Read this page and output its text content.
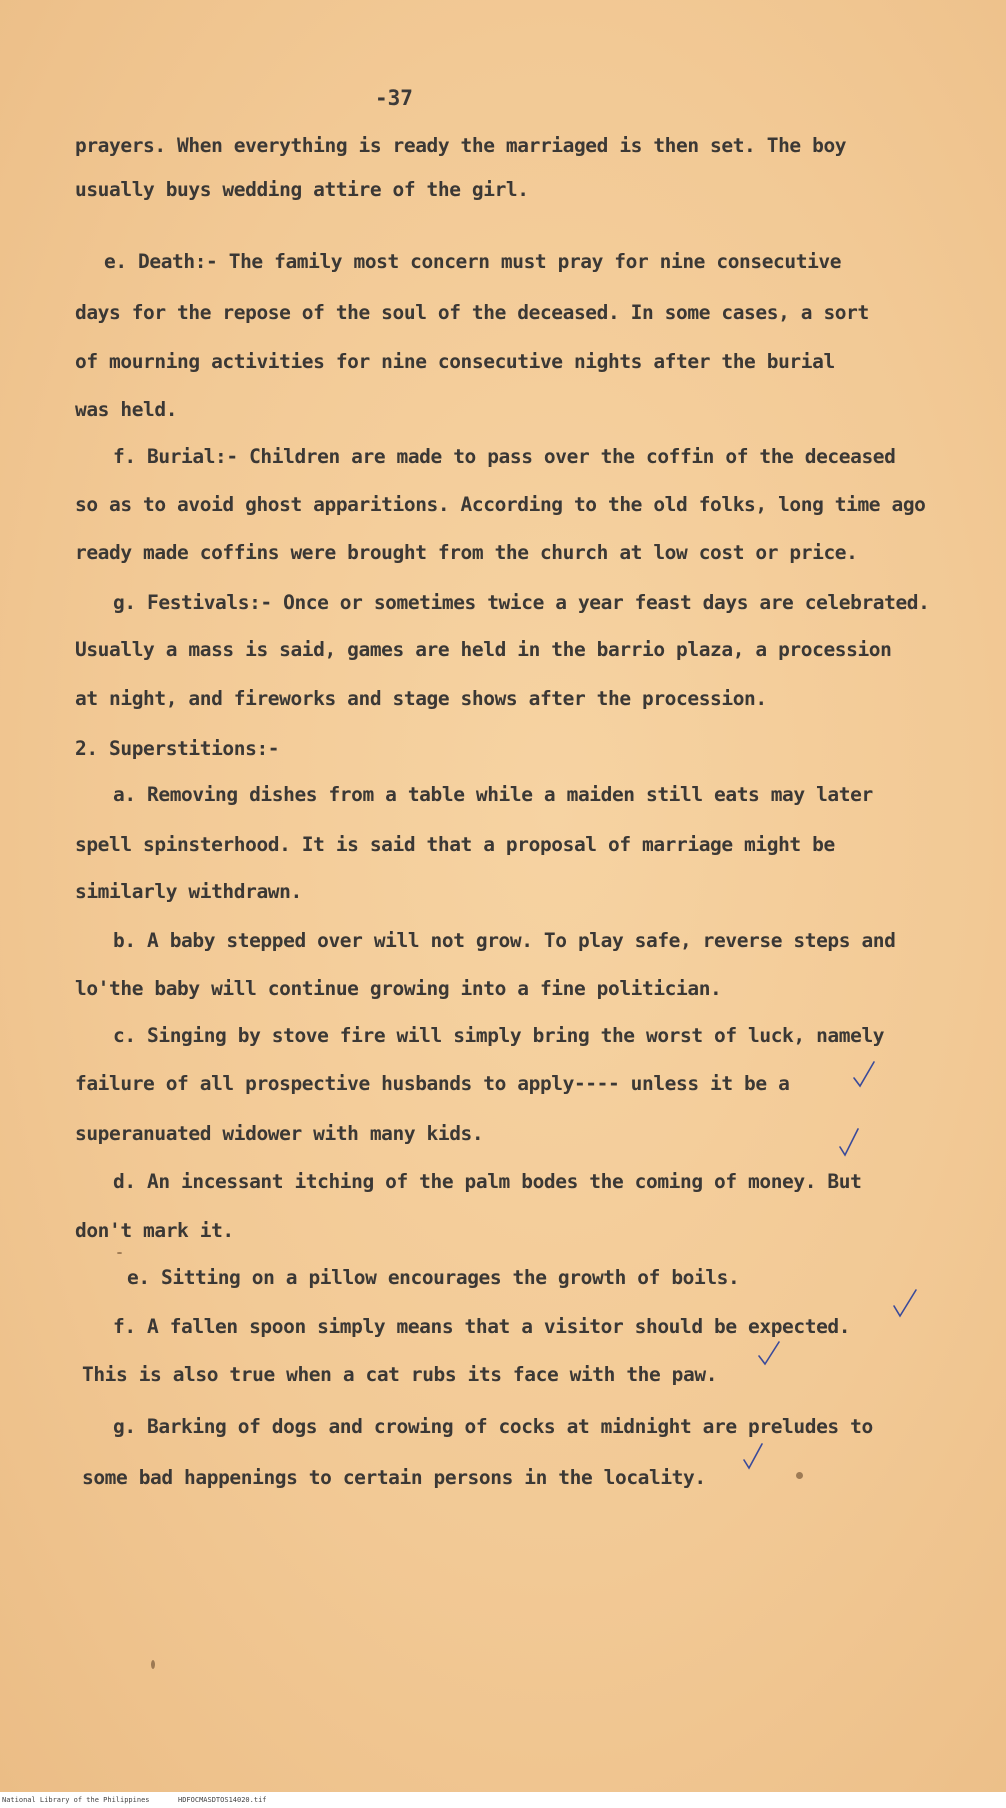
-37

prayers. When everything is ready the marriaged is then set. The boy

usually buys wedding attire of the girl.

e. Death:- The family most concern must pray for nine consecutive

days for the repose of the soul of the deceased. In some cases, a sort

of mourning activities for nine consecutive nights after the burial

was held.

f. Burial:- Children are made to pass over the coffin of the deceased

so as to avoid ghost apparitions. According to the old folks, long time ago

ready made coffins were brought from the church at low cost or price.

g. Festivals:- Once or sometimes twice a year feast days are celebrated.

Usually a mass is said, games are held in the barrio plaza, a procession

at night, and fireworks and stage shows after the procession.

2. Superstitions:-

a. Removing dishes from a table while a maiden still eats may later

spell spinsterhood. It is said that a proposal of marriage might be

similarly withdrawn.

b. A baby stepped over will not grow. To play safe, reverse steps and

lo'the baby will continue growing into a fine politician.

c. Singing by stove fire will simply bring the worst of luck, namely

failure of all prospective husbands to apply---- unless it be a

superanuated widower with many kids.

d. An incessant itching of the palm bodes the coming of money. But

don't mark it.

e. Sitting on a pillow encourages the growth of boils.

f. A fallen spoon simply means that a visitor should be expected.

This is also true when a cat rubs its face with the paw.

g. Barking of dogs and crowing of cocks at midnight are preludes to

some bad happenings to certain persons in the locality.

National Library of the Philippines	HDFOCMASDTOS14020.tif
